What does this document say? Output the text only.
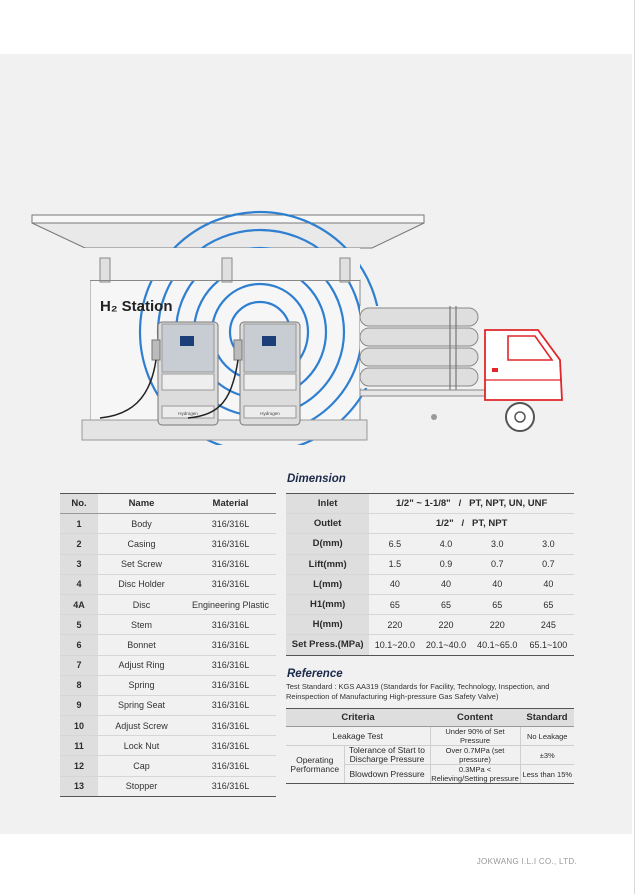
Hydrogen	Hydrogen
H₂ Station
Dimension
No.	Name	Material
1	Body	316/316L
2	Casing	316/316L
3	Set Screw	316/316L
4	Disc Holder	316/316L
4A	Disc	Engineering Plastic
5	Stem	316/316L
6	Bonnet	316/316L
7	Adjust Ring	316/316L
8	Spring	316/316L
9	Spring Seat	316/316L
10	Adjust Screw	316/316L
11	Lock Nut	316/316L
12	Cap	316/316L
13	Stopper	316/316L
Inlet	1/2" ~ 1-1/8"   /   PT, NPT, UN, UNF			
Outlet	1/2"   /   PT, NPT			
D(mm)	6.5	4.0	3.0	3.0
Lift(mm)	1.5	0.9	0.7	0.7
L(mm)	40	40	40	40
H1(mm)	65	65	65	65
H(mm)	220	220	220	245
Set Press.(MPa)	10.1~20.0	20.1~40.0	40.1~65.0	65.1~100
Reference
Test Standard : KGS AA319 (Standards for Facility, Technology, Inspection, and Reinspection of Manufacturing High-pressure Gas Safety Valve)
Criteria		Content	Standard
Leakage Test		Under 90% of Set Pressure	No Leakage
Operating Performance	Tolerance of Start to Discharge Pressure	Over 0.7MPa (set pressure)	±3%
	Blowdown Pressure	0.3MPa < Relieving/Setting pressure	Less than 15%
JOKWANG I.L.I CO., LTD.
